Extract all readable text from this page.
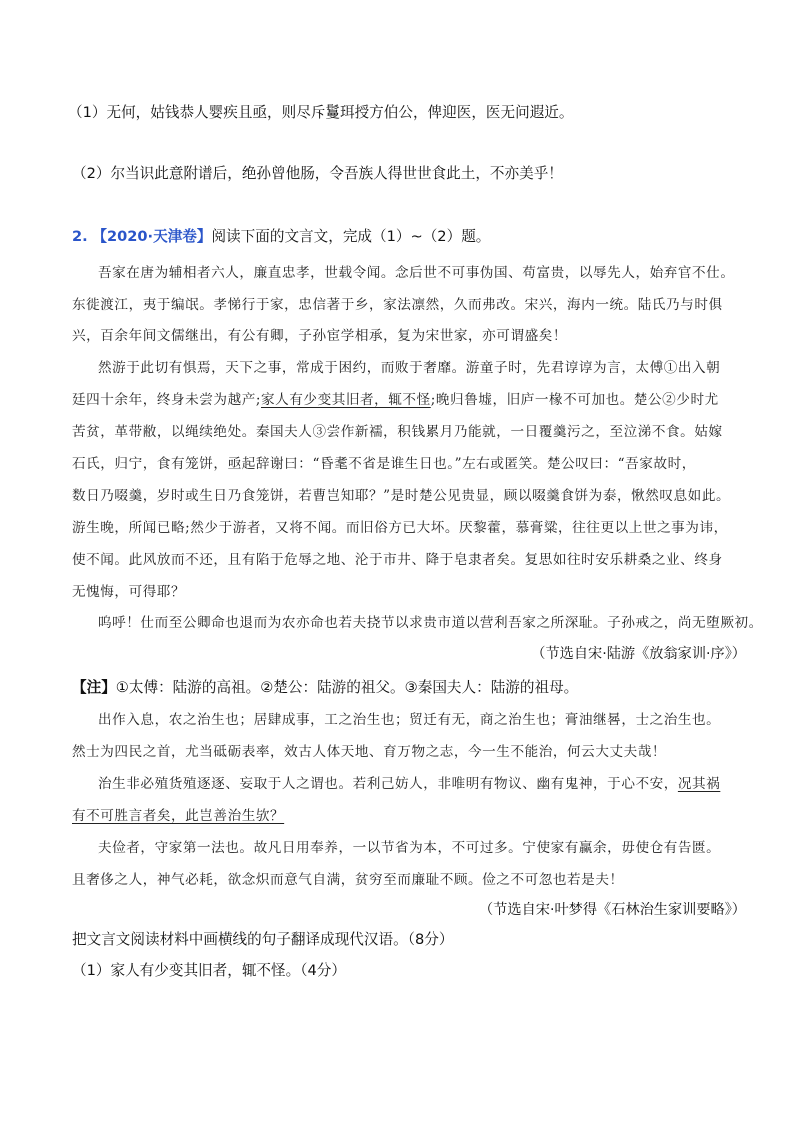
（1）无何，姑钱恭人婴疾且亟，则尽斥鬘珥授方伯公，俾迎医，医无问遐近。
（2）尔当识此意附谱后，绝孙曾他肠，令吾族人得世世食此土，不亦美乎！
2. 【2020·天津卷】阅读下面的文言文，完成（1）~（2）题。
吾家在唐为辅相者六人，廉直忠孝，世载令闻。念后世不可事伪国、苟富贵，以辱先人，始弃官不仕。
东徙渡江，夷于编氓。孝悌行于家，忠信著于乡，家法凛然，久而弗改。宋兴，海内一统。陆氏乃与时俱
兴，百余年间文儒继出，有公有卿，子孙宦学相承，复为宋世家，亦可谓盛矣！
然游于此切有惧焉，天下之事，常成于困约，而败于奢靡。游童子时，先君谆谆为言，太傅①出入朝
廷四十余年，终身未尝为越产;家人有少变其旧者，辄不怪;晚归鲁墟，旧庐一椽不可加也。楚公②少时尤
苦贫，革带敝，以绳续绝处。秦国夫人③尝作新襦，积钱累月乃能就，一日覆羹污之，至泣涕不食。姑嫁
石氏，归宁，食有笼饼，亟起辞谢曰：“昏耄不省是谁生日也。”左右或匿笑。楚公叹曰：“吾家故时，
数日乃啜羹，岁时或生日乃食笼饼，若曹岂知耶？”是时楚公见贵显，顾以啜羹食饼为泰，愀然叹息如此。
游生晚，所闻已略;然少于游者，又将不闻。而旧俗方已大坏。厌黎藿，慕膏粱，往往更以上世之事为讳，
使不闻。此风放而不还，且有陷于危辱之地、沦于市井、降于皂隶者矣。复思如往时安乐耕桑之业、终身
无愧悔，可得耶？
呜呼！仕而至公卿命也退而为农亦命也若夫挠节以求贵市道以营利吾家之所深耻。子孙戒之，尚无堕厥初。
（节选自宋·陆游《放翁家训·序》）
【注】①太傅：陆游的高祖。②楚公：陆游的祖父。③秦国夫人：陆游的祖母。
出作入息，农之治生也；居肆成事，工之治生也；贸迁有无，商之治生也；膏油继晷，士之治生也。
然士为四民之首，尤当砥砺表率，效古人体天地、育万物之志，今一生不能治，何云大丈夫哉！
治生非必殖货殖逐逐、妄取于人之谓也。若利己妨人，非唯明有物议、幽有鬼神，于心不安，况其祸
有不可胜言者矣，此岂善治生欤？
夫俭者，守家第一法也。故凡日用奉养，一以节省为本，不可过多。宁使家有赢余，毋使仓有告匮。
且奢侈之人，神气必耗，欲念炽而意气自满，贫穷至而廉耻不顾。俭之不可忽也若是夫！
（节选自宋·叶梦得《石林治生家训要略》）
把文言文阅读材料中画横线的句子翻译成现代汉语。（8分）
（1）家人有少变其旧者，辄不怪。（4分）
